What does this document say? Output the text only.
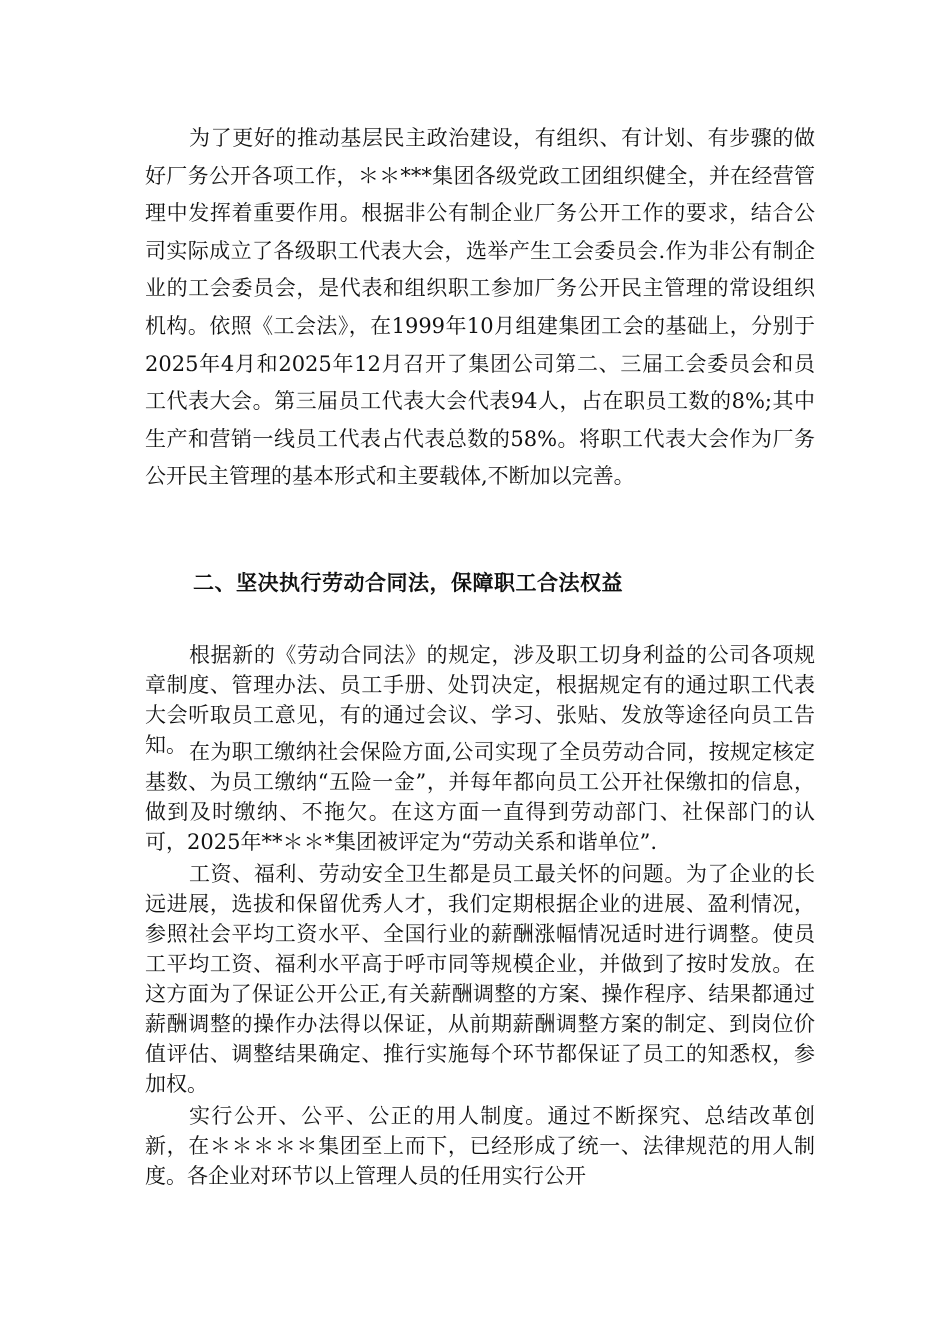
为了更好的推动基层民主政治建设，有组织、有计划、有步骤的做好厂务公开各项工作，＊＊***集团各级党政工团组织健全，并在经营管理中发挥着重要作用。根据非公有制企业厂务公开工作的要求，结合公司实际成立了各级职工代表大会，选举产生工会委员会.作为非公有制企业的工会委员会，是代表和组织职工参加厂务公开民主管理的常设组织机构。依照《工会法》，在1999年10月组建集团工会的基础上，分别于2025年4月和2025年12月召开了集团公司第二、三届工会委员会和员工代表大会。第三届员工代表大会代表94人，占在职员工数的8%;其中生产和营销一线员工代表占代表总数的58%。将职工代表大会作为厂务公开民主管理的基本形式和主要载体,不断加以完善。

二、坚决执行劳动合同法，保障职工合法权益

根据新的《劳动合同法》的规定，涉及职工切身利益的公司各项规章制度、管理办法、员工手册、处罚决定，根据规定有的通过职工代表大会听取员工意见，有的通过会议、学习、张贴、发放等途径向员工告知。 在为职工缴纳社会保险方面,公司实现了全员劳动合同，按规定核定基数、为员工缴纳“五险一金”，并每年都向员工公开社保缴扣的信息，做到及时缴纳、不拖欠。在这方面一直得到劳动部门、社保部门的认可，2025年**＊＊*集团被评定为“劳动关系和谐单位”.

工资、福利、劳动安全卫生都是员工最关怀的问题。为了企业的长远进展，选拔和保留优秀人才，我们定期根据企业的进展、盈利情况，参照社会平均工资水平、全国行业的薪酬涨幅情况适时进行调整。使员工平均工资、福利水平高于呼市同等规模企业，并做到了按时发放。在这方面为了保证公开公正,有关薪酬调整的方案、操作程序、结果都通过薪酬调整的操作办法得以保证，从前期薪酬调整方案的制定、到岗位价值评估、调整结果确定、推行实施每个环节都保证了员工的知悉权，参加权。

实行公开、公平、公正的用人制度。通过不断探究、总结改革创新，在＊＊＊＊＊集团至上而下，已经形成了统一、法律规范的用人制度。各企业对环节以上管理人员的任用实行公开
